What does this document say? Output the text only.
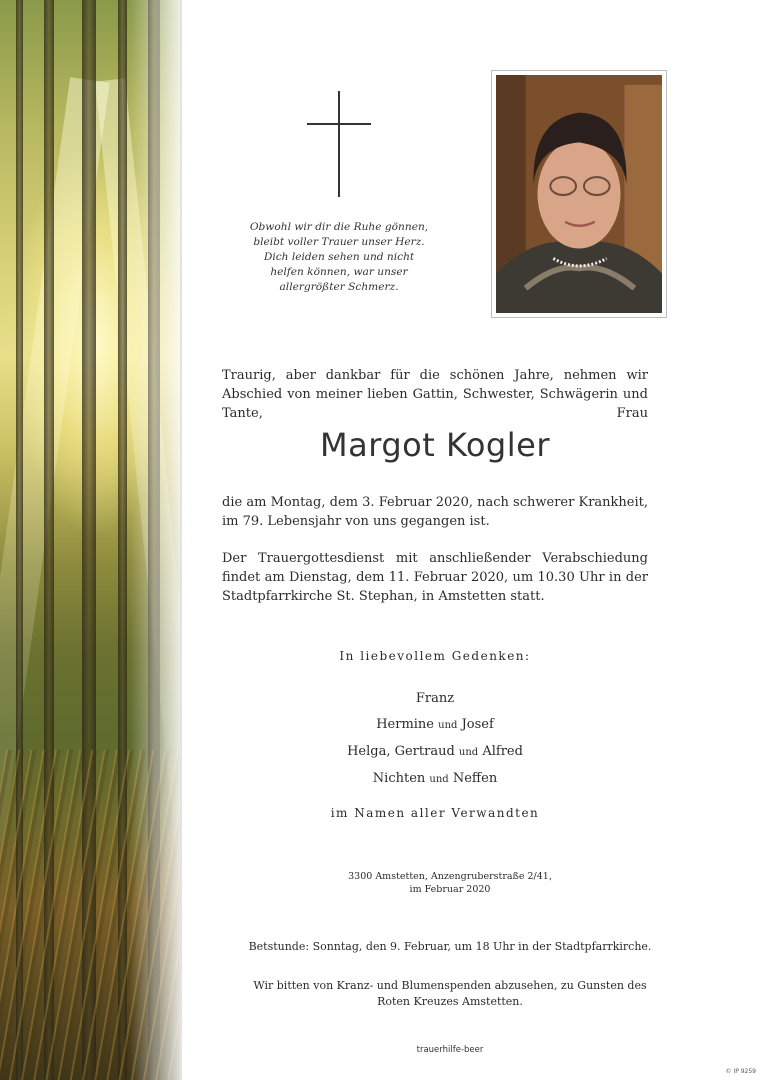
Obwohl wir dir die Ruhe gönnen,
bleibt voller Trauer unser Herz.
Dich leiden sehen und nicht
helfen können, war unser
allergrößter Schmerz.
Traurig, aber dankbar für die schönen Jahre, nehmen wir Abschied von meiner lieben Gattin, Schwester, Schwägerin und Tante, Frau
Margot Kogler
die am Montag, dem 3. Februar 2020, nach schwerer Krankheit, im 79. Lebensjahr von uns gegangen ist.
Der Trauergottesdienst mit anschließender Verabschiedung findet am Dienstag, dem 11. Februar 2020, um 10.30 Uhr in der Stadtpfarrkirche St. Stephan, in Amstetten statt.
In liebevollem Gedenken:
Franz
Hermine und Josef
Helga, Gertraud und Alfred
Nichten und Neffen
im Namen aller Verwandten
3300 Amstetten, Anzengruberstraße 2/41,
im Februar 2020
Betstunde: Sonntag, den 9. Februar, um 18 Uhr in der Stadtpfarrkirche.
Wir bitten von Kranz- und Blumenspenden abzusehen, zu Gunsten des
Roten Kreuzes Amstetten.
trauerhilfe-beer
© IP 9259
